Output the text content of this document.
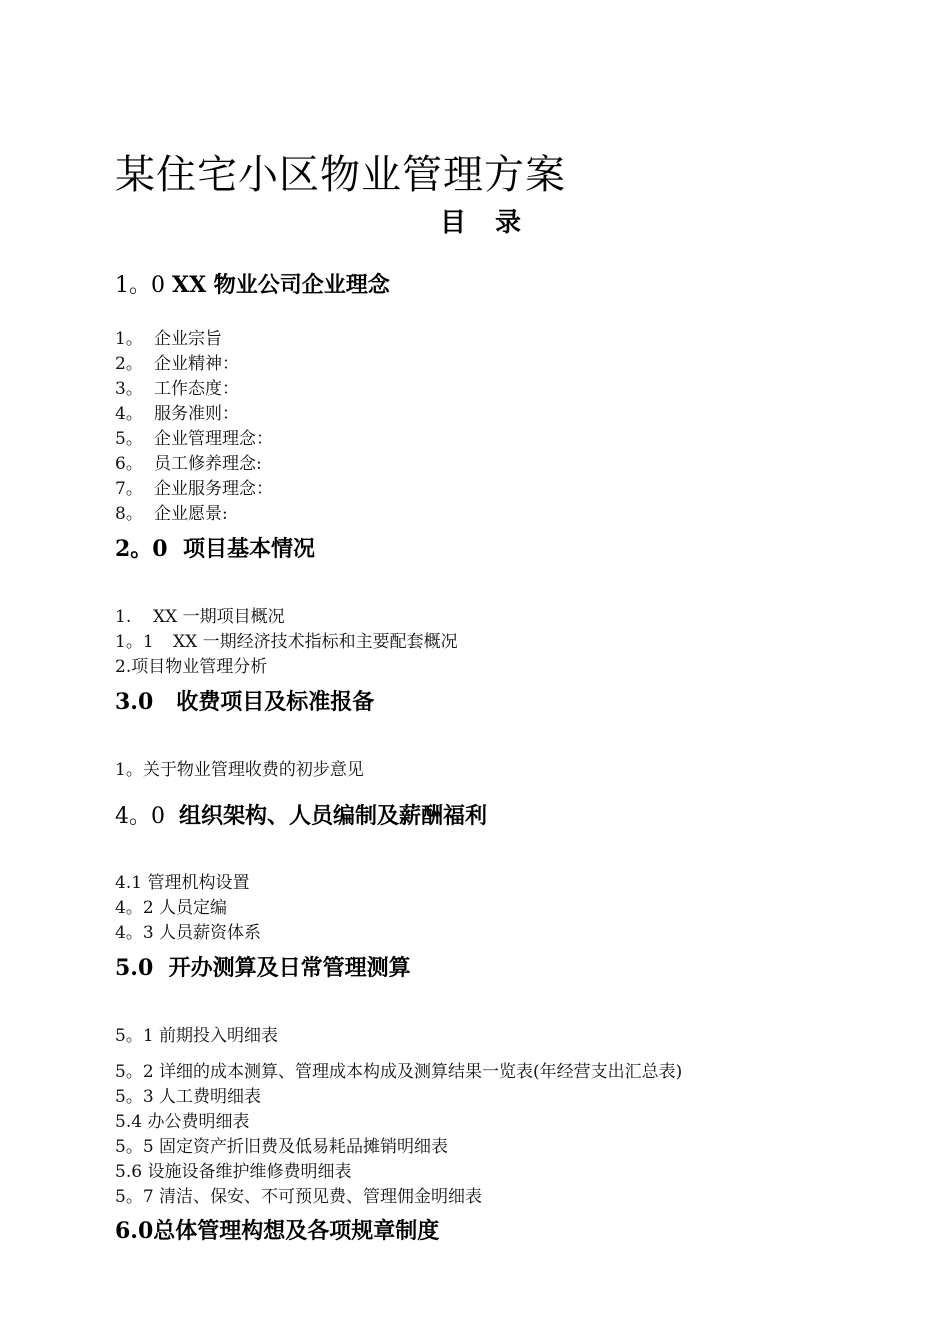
某住宅小区物业管理方案
目 录

1。0 XX 物业公司企业理念

1。 企业宗旨

2。 企业精神：

3。 工作态度：

4。 服务准则：

5。 企业管理理念：

6。 员工修养理念:

7。 企业服务理念：

8。 企业愿景:

2。0 项目基本情况

1. XX 一期项目概况

1。1 XX 一期经济技术指标和主要配套概况

2.项目物业管理分析

3.0 收费项目及标准报备

1。关于物业管理收费的初步意见

4。0 组织架构、人员编制及薪酬福利

4.1 管理机构设置

4。2 人员定编

4。3 人员薪资体系

5.0 开办测算及日常管理测算

5。1 前期投入明细表

5。2 详细的成本测算、管理成本构成及测算结果一览表(年经营支出汇总表)

5。3 人工费明细表

5.4 办公费明细表

5。5 固定资产折旧费及低易耗品摊销明细表

5.6 设施设备维护维修费明细表

5。7 清洁、保安、不可预见费、管理佣金明细表

6.0总体管理构想及各项规章制度
